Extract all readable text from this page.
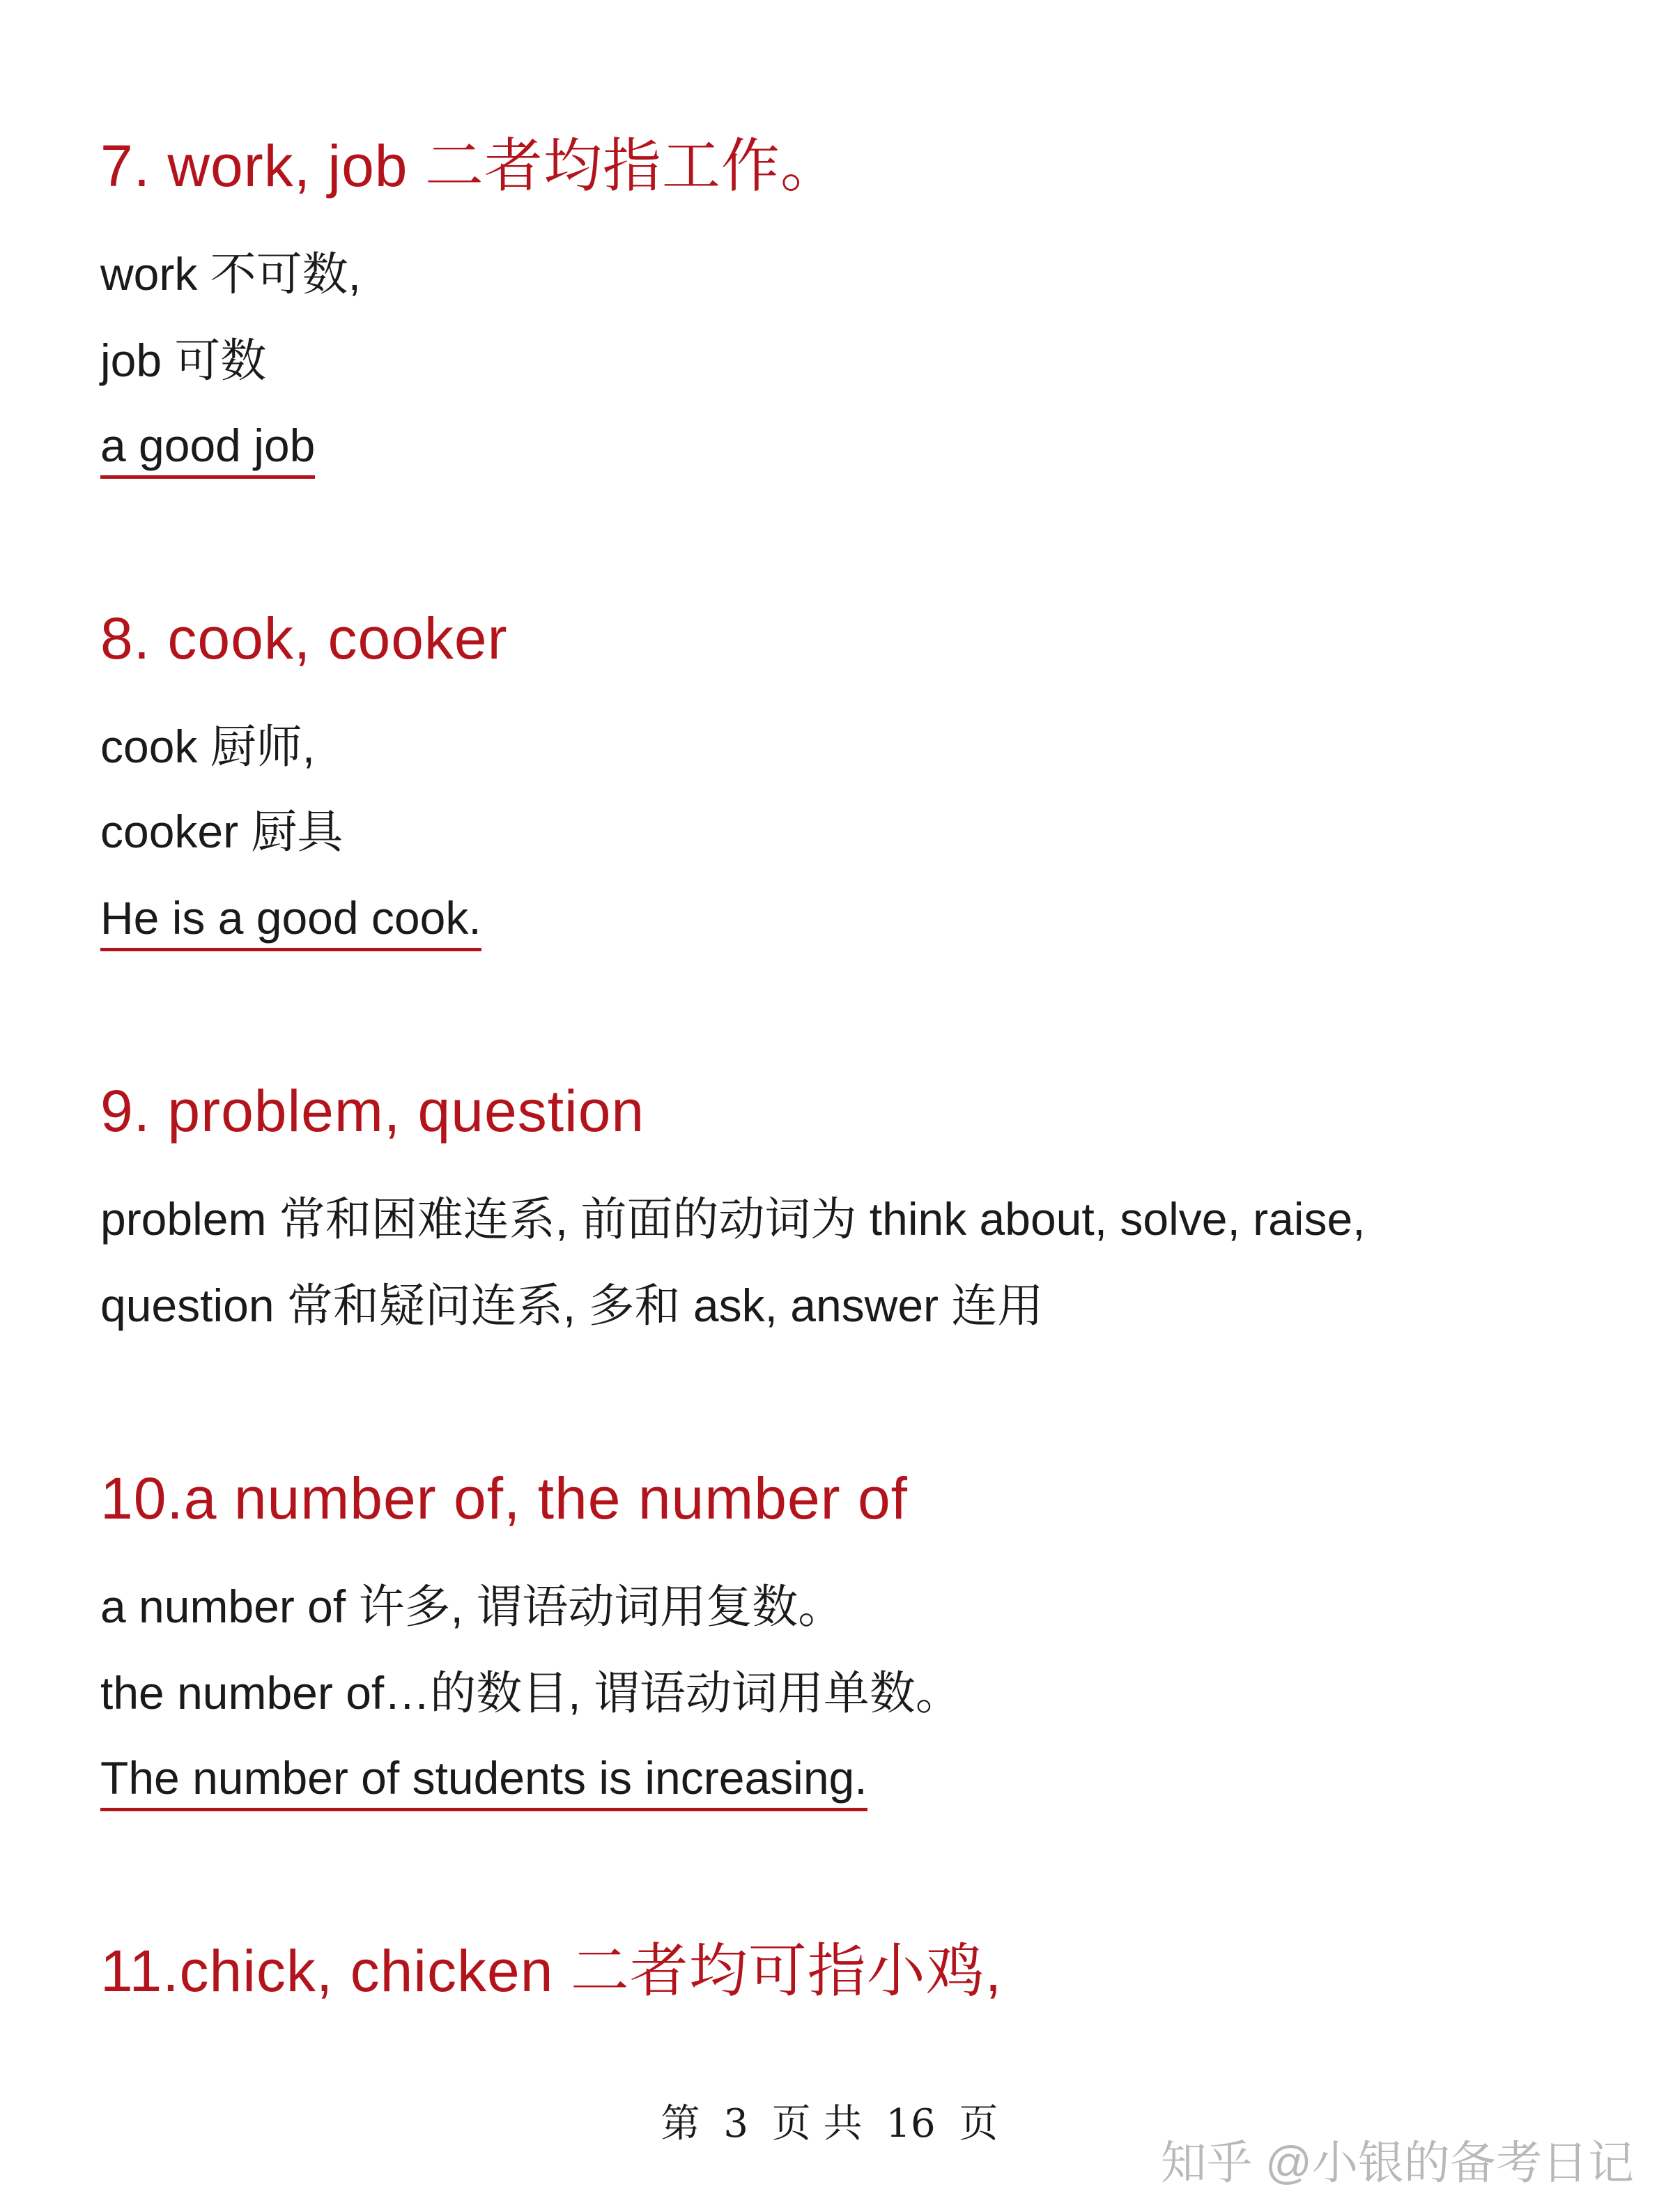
7. work, job 二者均指工作。
work 不可数,
job 可数
a good job
8. cook, cooker
cook 厨师,
cooker 厨具
He is a good cook.
9. problem, question
problem 常和困难连系, 前面的动词为 think about, solve, raise,
question 常和疑问连系, 多和 ask, answer 连用
10.a number of, the number of
a number of 许多, 谓语动词用复数。
the number of…的数目, 谓语动词用单数。
The number of students is increasing.
11.chick, chicken 二者均可指小鸡,
第 3 页 共 16 页
知乎 @小银的备考日记
